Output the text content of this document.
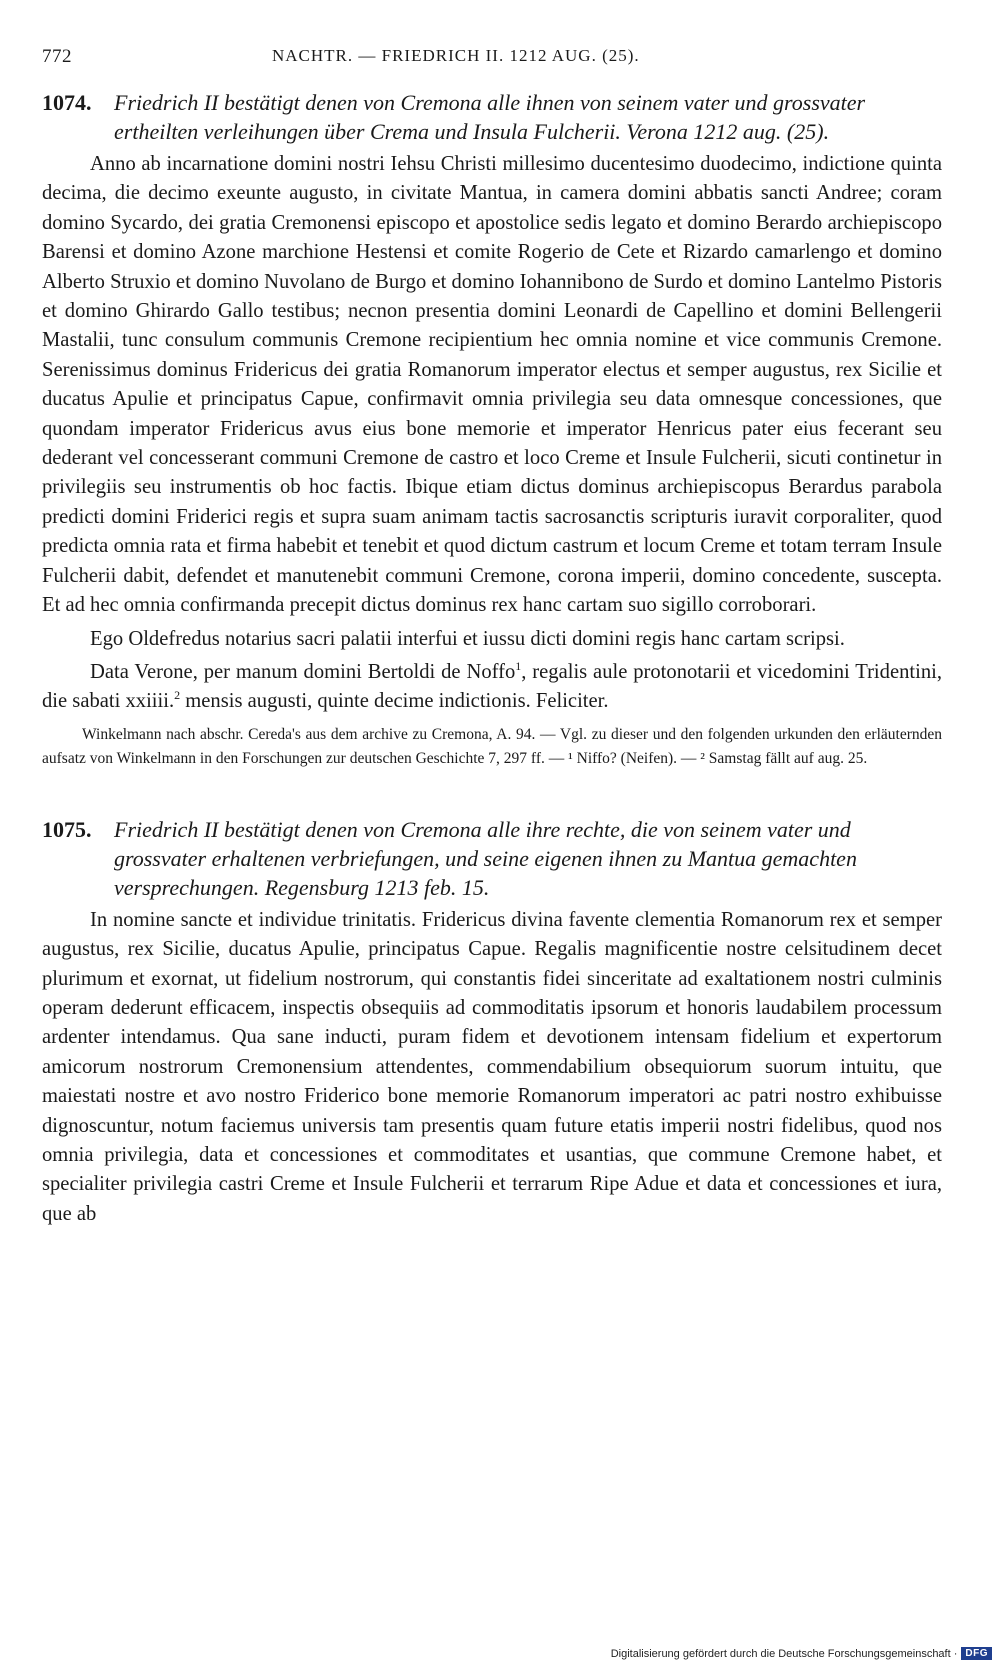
772	NACHTR. — FRIEDRICH II. 1212 AUG. (25).
1074. Friedrich II bestätigt denen von Cremona alle ihnen von seinem vater und grossvater ertheilten verleihungen über Crema und Insula Fulcherii. Verona 1212 aug. (25).

Anno ab incarnatione domini nostri Iehsu Christi millesimo ducentesimo duodecimo, indictione quinta decima, die decimo exeunte augusto, in civitate Mantua, in camera domini abbatis sancti Andree; coram domino Sycardo, dei gratia Cremonensi episcopo et apostolice sedis legato et domino Berardo archiepiscopo Barensi et domino Azone marchione Hestensi et comite Rogerio de Cete et Rizardo camarlengo et domino Alberto Struxio et domino Nuvolano de Burgo et domino Iohannibono de Surdo et domino Lantelmo Pistoris et domino Ghirardo Gallo testibus; necnon presentia domini Leonardi de Capellino et domini Bellengerii Mastalii, tunc consulum communis Cremone recipientium hec omnia nomine et vice communis Cremone. Serenissimus dominus Fridericus dei gratia Romanorum imperator electus et semper augustus, rex Sicilie et ducatus Apulie et principatus Capue, confirmavit omnia privilegia seu data omnesque concessiones, que quondam imperator Fridericus avus eius bone memorie et imperator Henricus pater eius fecerant seu dederant vel concesserant communi Cremone de castro et loco Creme et Insule Fulcherii, sicuti continetur in privilegiis seu instrumentis ob hoc factis. Ibique etiam dictus dominus archiepiscopus Berardus parabola predicti domini Friderici regis et supra suam animam tactis sacrosanctis scripturis iuravit corporaliter, quod predicta omnia rata et firma habebit et tenebit et quod dictum castrum et locum Creme et totam terram Insule Fulcherii dabit, defendet et manutenebit communi Cremone, corona imperii, domino concedente, suscepta. Et ad hec omnia confirmanda precepit dictus dominus rex hanc cartam suo sigillo corroborari.

Ego Oldefredus notarius sacri palatii interfui et iussu dicti domini regis hanc cartam scripsi.

Data Verone, per manum domini Bertoldi de Noffo$^1$, regalis aule protonotarii et vicedomini Tridentini, die sabati xxiiii.$^2$ mensis augusti, quinte decime indictionis. Feliciter.

Winkelmann nach abschr. Cereda's aus dem archive zu Cremona, A. 94. — Vgl. zu dieser und den folgenden urkunden den erläuternden aufsatz von Winkelmann in den Forschungen zur deutschen Geschichte 7, 297 ff. — ¹ Niffo? (Neifen). — ² Samstag fällt auf aug. 25.

1075. Friedrich II bestätigt denen von Cremona alle ihre rechte, die von seinem vater und grossvater erhaltenen verbriefungen, und seine eigenen ihnen zu Mantua gemachten versprechungen. Regensburg 1213 feb. 15.

In nomine sancte et individue trinitatis. Fridericus divina favente clementia Romanorum rex et semper augustus, rex Sicilie, ducatus Apulie, principatus Capue. Regalis magnificentie nostre celsitudinem decet plurimum et exornat, ut fidelium nostrorum, qui constantis fidei sinceritate ad exaltationem nostri culminis operam dederunt efficacem, inspectis obsequiis ad commoditatis ipsorum et honoris laudabilem processum ardenter intendamus. Qua sane inducti, puram fidem et devotionem intensam fidelium et expertorum amicorum nostrorum Cremonensium attendentes, commendabilium obsequiorum suorum intuitu, que maiestati nostre et avo nostro Friderico bone memorie Romanorum imperatori ac patri nostro exhibuisse dignoscuntur, notum faciemus universis tam presentis quam future etatis imperii nostri fidelibus, quod nos omnia privilegia, data et concessiones et commoditates et usantias, que commune Cremone habet, et specialiter privilegia castri Creme et Insule Fulcherii et terrarum Ripe Adue et data et concessiones et iura, que ab

Digitalisierung gefördert durch die Deutsche Forschungsgemeinschaft · DFG
